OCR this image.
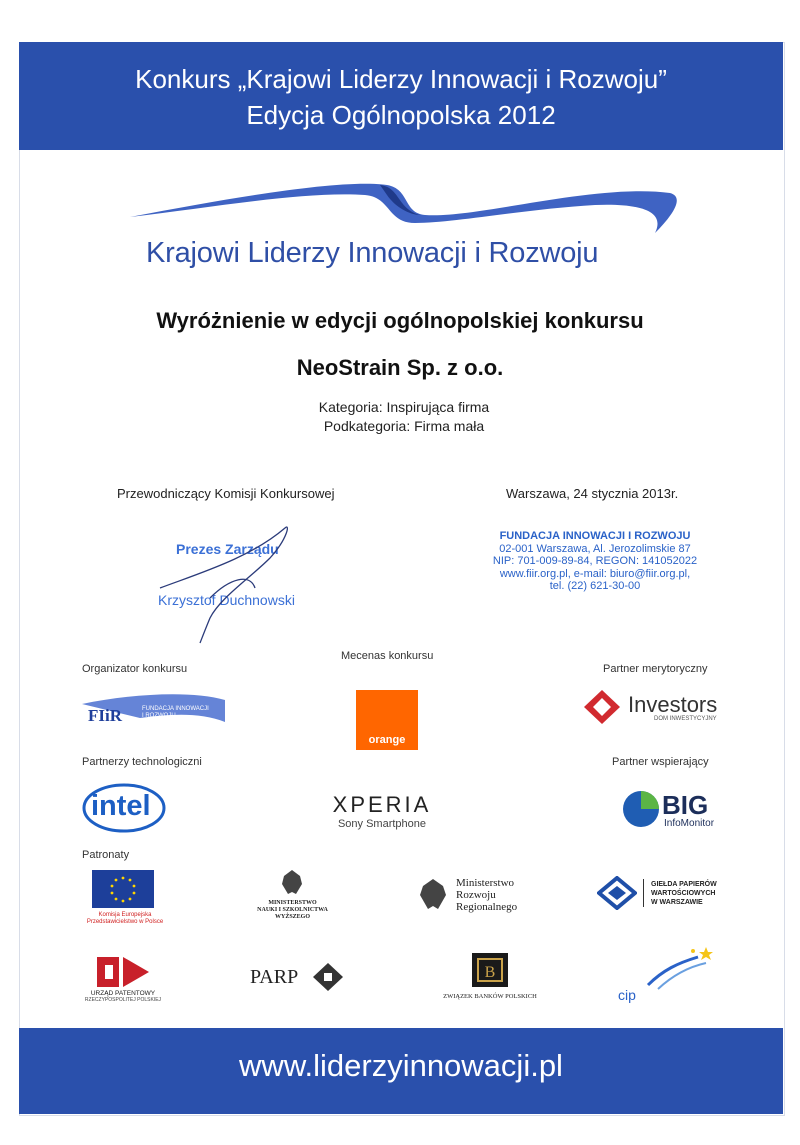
Konkurs „Krajowi Liderzy Innowacji i Rozwoju”
Edycja Ogólnopolska 2012
Krajowi Liderzy Innowacji i Rozwoju
Wyróżnienie w edycji ogólnopolskiej konkursu
NeoStrain Sp. z o.o.
Kategoria: Inspirująca firma
Podkategoria: Firma mała
Przewodniczący Komisji Konkursowej	Warszawa, 24 stycznia 2013r.
Prezes Zarządu
Krzysztof Duchnowski
FUNDACJA INNOWACJI I ROZWOJU
02-001 Warszawa, Al. Jerozolimskie 87
NIP: 701-009-89-84, REGON: 141052022
www.fiir.org.pl, e-mail: biuro@fiir.org.pl,
tel. (22) 621-30-00
Organizator konkursu
Mecenas konkursu
Partner merytoryczny
Partnerzy technologiczni	Partner wspierający
Patronaty
FIiR	FUNDACJA INNOWACJI
I ROZWOJU
orange
Investors
DOM INWESTYCYJNY
intel	XPERIA
Sony Smartphone
BIG
InfoMonitor
Komisja Europejska
Przedstawicielstwo w Polsce
MINISTERSTWO
NAUKI I SZKOLNICTWA
WYŻSZEGO
Ministerstwo
Rozwoju
Regionalnego
GIEŁDA PAPIERÓW
WARTOŚCIOWYCH
W WARSZAWIE
URZĄD PATENTOWY
RZECZYPOSPOLITEJ POLSKIEJ
PARP	B
ZWIĄZEK BANKÓW POLSKICH	cip
www.liderzyinnowacji.pl
